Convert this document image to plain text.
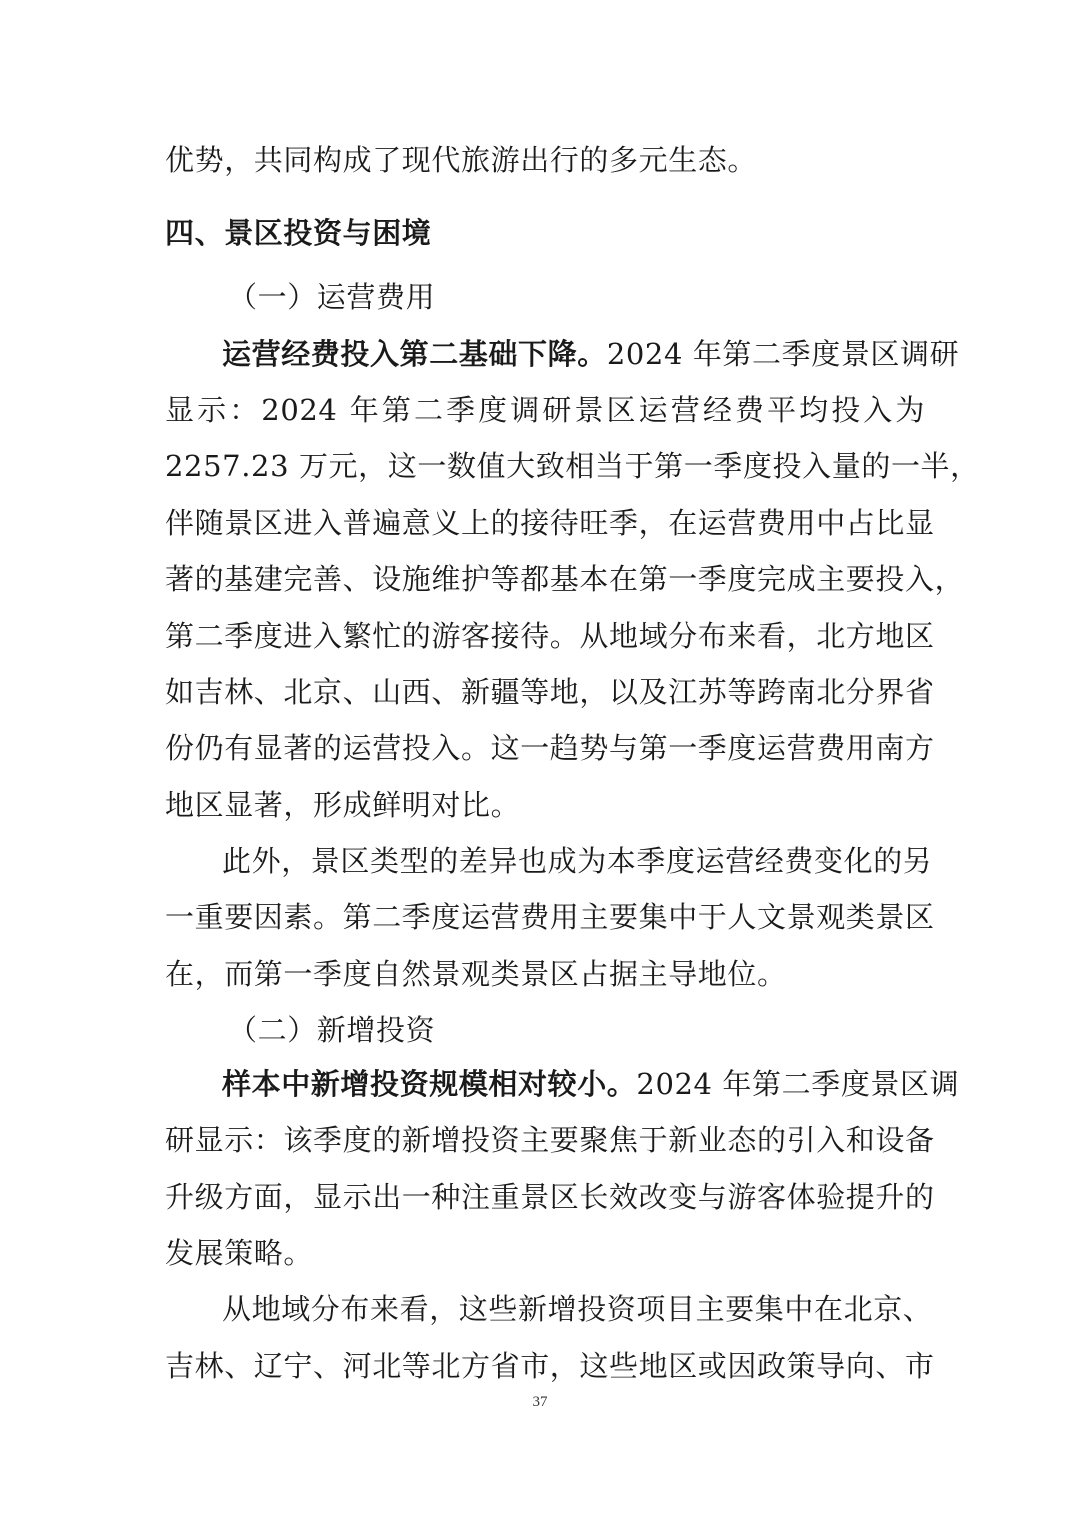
优势，共同构成了现代旅游出行的多元生态。
四、景区投资与困境
（一）运营费用
运营经费投入第二基础下降。2024 年第二季度景区调研
显示：2024 年第二季度调研景区运营经费平均投入为
2257.23 万元，这一数值大致相当于第一季度投入量的一半，
伴随景区进入普遍意义上的接待旺季，在运营费用中占比显
著的基建完善、设施维护等都基本在第一季度完成主要投入，
第二季度进入繁忙的游客接待。从地域分布来看，北方地区
如吉林、北京、山西、新疆等地，以及江苏等跨南北分界省
份仍有显著的运营投入。这一趋势与第一季度运营费用南方
地区显著，形成鲜明对比。
此外，景区类型的差异也成为本季度运营经费变化的另
一重要因素。第二季度运营费用主要集中于人文景观类景区
在，而第一季度自然景观类景区占据主导地位。
（二）新增投资
样本中新增投资规模相对较小。2024 年第二季度景区调
研显示：该季度的新增投资主要聚焦于新业态的引入和设备
升级方面，显示出一种注重景区长效改变与游客体验提升的
发展策略。
从地域分布来看，这些新增投资项目主要集中在北京、
吉林、辽宁、河北等北方省市，这些地区或因政策导向、市
37
